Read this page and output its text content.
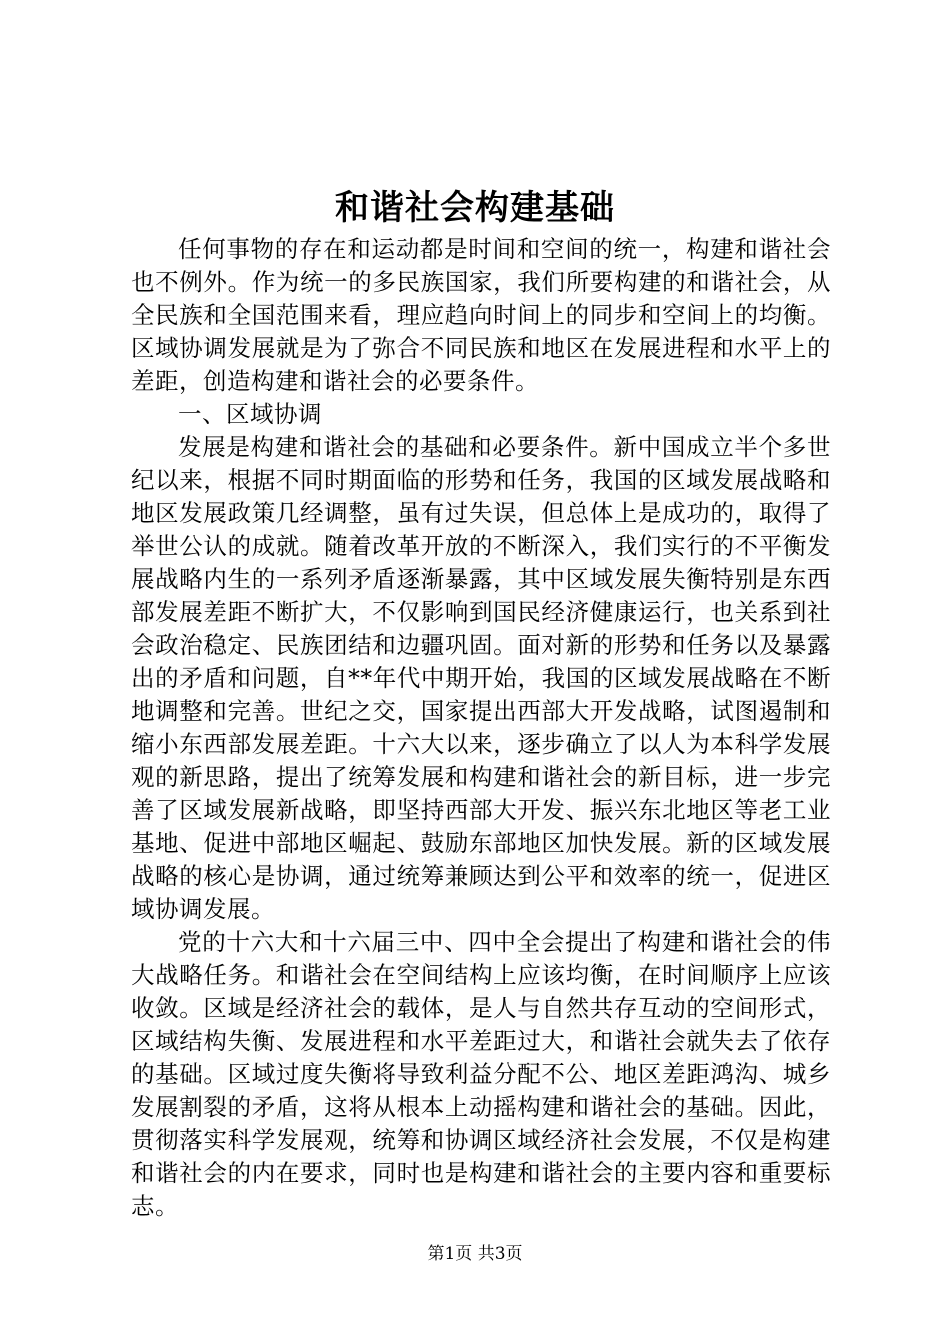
和谐社会构建基础

任何事物的存在和运动都是时间和空间的统一，构建和谐社会也不例外。作为统一的多民族国家，我们所要构建的和谐社会，从全民族和全国范围来看，理应趋向时间上的同步和空间上的均衡。区域协调发展就是为了弥合不同民族和地区在发展进程和水平上的差距，创造构建和谐社会的必要条件。

一、区域协调

发展是构建和谐社会的基础和必要条件。新中国成立半个多世纪以来，根据不同时期面临的形势和任务，我国的区域发展战略和地区发展政策几经调整，虽有过失误，但总体上是成功的，取得了举世公认的成就。随着改革开放的不断深入，我们实行的不平衡发展战略内生的一系列矛盾逐渐暴露，其中区域发展失衡特别是东西部发展差距不断扩大，不仅影响到国民经济健康运行，也关系到社会政治稳定、民族团结和边疆巩固。面对新的形势和任务以及暴露出的矛盾和问题，自**年代中期开始，我国的区域发展战略在不断地调整和完善。世纪之交，国家提出西部大开发战略，试图遏制和缩小东西部发展差距。十六大以来，逐步确立了以人为本科学发展观的新思路，提出了统筹发展和构建和谐社会的新目标，进一步完善了区域发展新战略，即坚持西部大开发、振兴东北地区等老工业基地、促进中部地区崛起、鼓励东部地区加快发展。新的区域发展战略的核心是协调，通过统筹兼顾达到公平和效率的统一，促进区域协调发展。

党的十六大和十六届三中、四中全会提出了构建和谐社会的伟大战略任务。和谐社会在空间结构上应该均衡，在时间顺序上应该收敛。区域是经济社会的载体，是人与自然共存互动的空间形式，区域结构失衡、发展进程和水平差距过大，和谐社会就失去了依存的基础。区域过度失衡将导致利益分配不公、地区差距鸿沟、城乡发展割裂的矛盾，这将从根本上动摇构建和谐社会的基础。因此，贯彻落实科学发展观，统筹和协调区域经济社会发展，不仅是构建和谐社会的内在要求，同时也是构建和谐社会的主要内容和重要标志。

第1页 共3页
